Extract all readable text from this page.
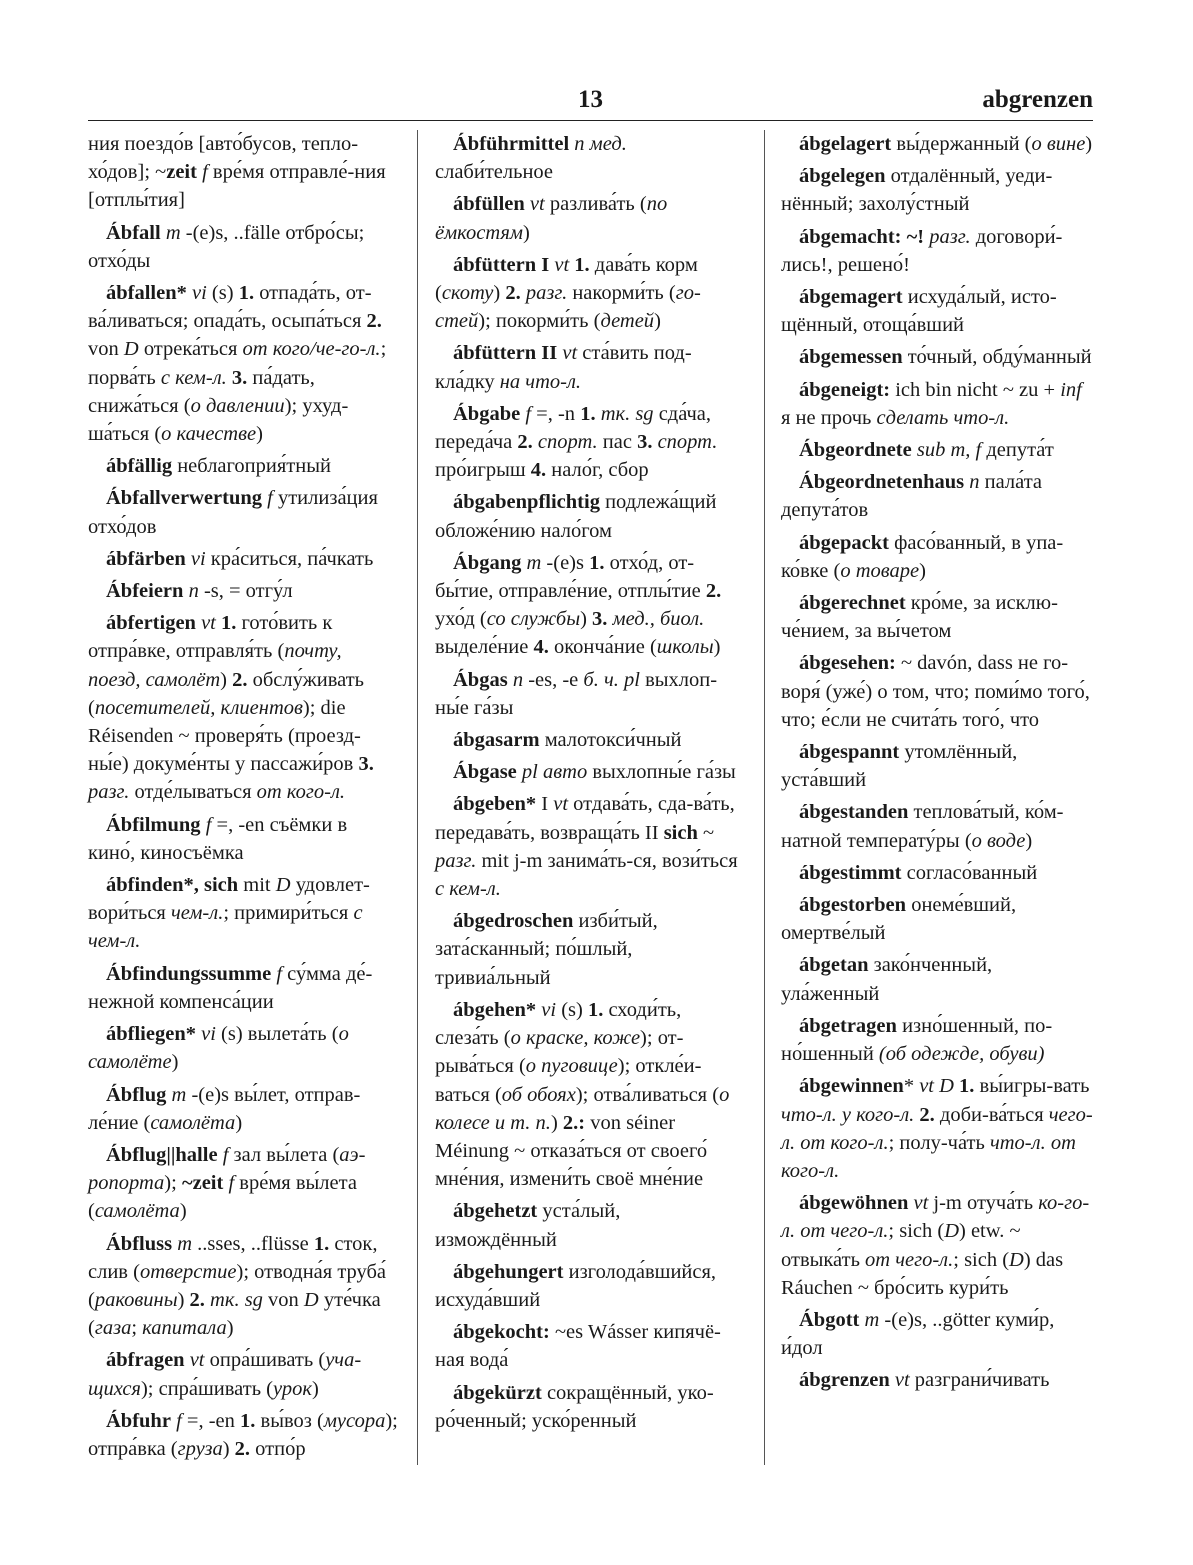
13	abgrenzen

ния поездо́в [авто́бусов, тепло-хо́дов]; ~zeit f вре́мя отправле́-ния [отплы́тия]

Ábfall m -(e)s, ..fälle отбро́сы; отхо́ды

ábfallen* vi (s) 1. отпада́ть, от-ва́ливаться; опада́ть, осыпа́ться 2. von D отрека́ться от кого/че-го-л.; порва́ть с кем-л. 3. па́дать, снижа́ться (о давлении); ухуд-ша́ться (о качестве)

ábfällig неблагоприя́тный

Ábfallverwertung f утилиза́ция отхо́дов

ábfärben vi кра́ситься, па́чкать

Ábfeiern n -s, = отгу́л

ábfertigen vt 1. гото́вить к отпра́вке, отправля́ть (почту, поезд, самолёт) 2. обслу́живать (посетителей, клиентов); die Réisenden ~ проверя́ть (проезд-ны́е) докуме́нты у пассажи́ров 3. разг. отде́лываться от кого-л.

Ábfilmung f =, -en съёмки в кино́, киносъёмка

ábfinden*, sich mit D удовлет-вори́ться чем-л.; примири́ться с чем-л.

Ábfindungssumme f су́мма де́-нежной компенса́ции

ábfliegen* vi (s) вылета́ть (о самолёте)

Ábflug m -(e)s вы́лет, отправ-ле́ние (самолёта)

Ábflug||halle f зал вы́лета (аэ-ропорта); ~zeit f вре́мя вы́лета (самолёта)

Ábfluss m ..sses, ..flüsse 1. сток, слив (отверстие); отводна́я труба́ (раковины) 2. тк. sg von D уте́чка (газа; капитала)

ábfragen vt опра́шивать (уча-щихся); спра́шивать (урок)

Ábfuhr f =, -en 1. вы́воз (мусора); отпра́вка (груза) 2. отпо́р

Ábführmittel n мед. слаби́тельное

ábfüllen vt разлива́ть (по ёмкостям)

ábfüttern I vt 1. дава́ть корм (скоту) 2. разг. накорми́ть (го-стей); покорми́ть (детей)

ábfüttern II vt ста́вить под-кла́дку на что-л.

Ábgabe f =, -n 1. тк. sg сда́ча, переда́ча 2. спорт. пас 3. спорт. про́игрыш 4. нало́г, сбор

ábgabenpflichtig подлежа́щий обложе́нию нало́гом

Ábgang m -(e)s 1. отхо́д, от-бы́тие, отправле́ние, отплы́тие 2. ухо́д (со службы) 3. мед., биол. выделе́ние 4. оконча́ние (школы)

Ábgas n -es, -e б. ч. pl выхлоп-ны́е га́зы

ábgasarm малотокси́чный

Ábgase pl авто выхлопны́е га́зы

ábgeben* I vt отдава́ть, сда-ва́ть, передава́ть, возвраща́ть II sich ~ разг. mit j-m занима́ть-ся, вози́ться с кем-л.

ábgedroschen изби́тый, зата́сканный; по́шлый, тривиа́льный

ábgehen* vi (s) 1. сходи́ть, слеза́ть (о краске, коже); от-рыва́ться (о пуговице); откле́и-ваться (об обоях); отва́ливаться (о колесе и т. п.) 2.: von séiner Méinung ~ отказа́ться от своего́ мне́ния, измени́ть своё мне́ние

ábgehetzt уста́лый, измождённый

ábgehungert изголода́вшийся, исхуда́вший

ábgekocht: ~es Wásser кипячё-ная вода́

ábgekürzt сокращённый, уко-ро́ченный; уско́ренный

ábgelagert вы́держанный (о вине)

ábgelegen отдалённый, уеди-нённый; захолу́стный

ábgemacht: ~! разг. договори́-лись!, решено́!

ábgemagert исхуда́лый, исто-щённый, отоща́вший

ábgemessen то́чный, обду́манный

ábgeneigt: ich bin nicht ~ zu + inf я не прочь сделать что-л.

Ábgeordnete sub m, f депута́т

Ábgeordnetenhaus n пала́та депута́тов

ábgepackt фасо́ванный, в упа-ко́вке (о товаре)

ábgerechnet кро́ме, за исклю-че́нием, за вы́четом

ábgesehen: ~ davón, dass не го-воря́ (уже́) о том, что; поми́мо того́, что; е́сли не счита́ть того́, что

ábgespannt утомлённый, уста́вший

ábgestanden теплова́тый, ко́м-натной температу́ры (о воде)

ábgestimmt согласо́ванный

ábgestorben онеме́вший, омертве́лый

ábgetan зако́нченный, ула́женный

ábgetragen изно́шенный, по-но́шенный (об одежде, обуви)

ábgewinnen* vt D 1. вы́игры-вать что-л. у кого-л. 2. доби-ва́ться чего-л. от кого-л.; полу-ча́ть что-л. от кого-л.

ábgewöhnen vt j-m отуча́ть ко-го-л. от чего-л.; sich (D) etw. ~ отвыка́ть от чего-л.; sich (D) das Ráuchen ~ бро́сить кури́ть

Ábgott m -(e)s, ..götter куми́р, и́дол

ábgrenzen vt разграни́чивать
